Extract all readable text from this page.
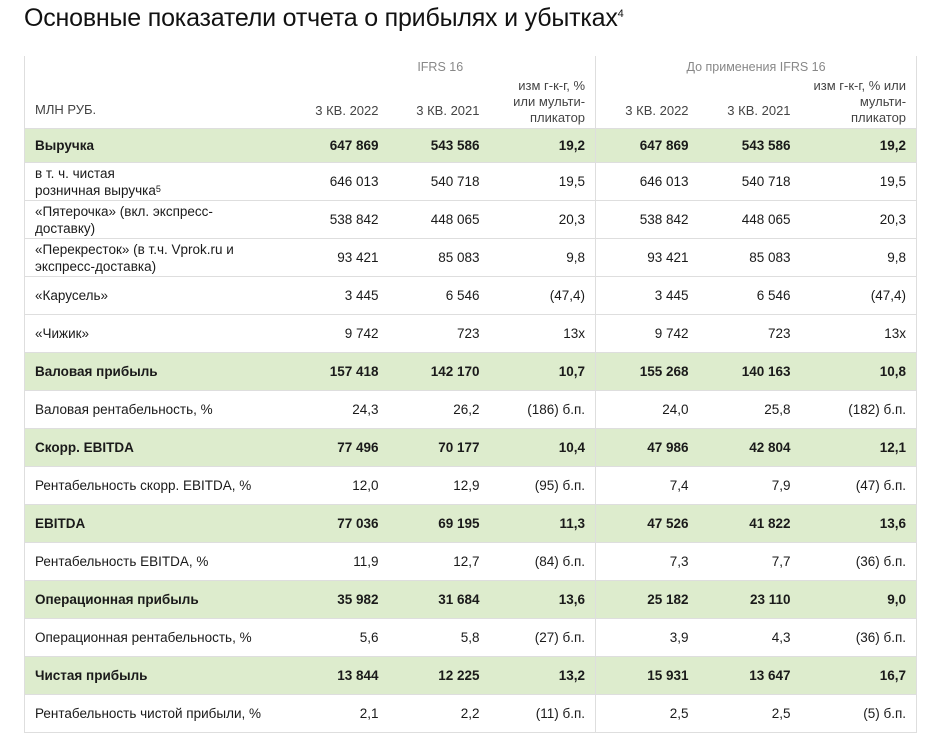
Основные показатели отчета о прибылях и убытках$^4$
	IFRS 16			До применения IFRS 16		
МЛН РУБ.	3 КВ. 2022	3 КВ. 2021	изм г-к-г, % или мульти-пликатор	3 КВ. 2022	3 КВ. 2021	изм г-к-г, % или мульти-пликатор
Выручка	647 869	543 586	19,2	647 869	543 586	19,2
в т. ч. чистая розничная выручка$^5$	646 013	540 718	19,5	646 013	540 718	19,5
«Пятерочка» (вкл. экспресс-доставку)	538 842	448 065	20,3	538 842	448 065	20,3
«Перекресток» (в т.ч. Vprok.ru и экспресс-доставка)	93 421	85 083	9,8	93 421	85 083	9,8
«Карусель»	3 445	6 546	(47,4)	3 445	6 546	(47,4)
«Чижик»	9 742	723	13x	9 742	723	13x
Валовая прибыль	157 418	142 170	10,7	155 268	140 163	10,8
Валовая рентабельность, %	24,3	26,2	(186) б.п.	24,0	25,8	(182) б.п.
Скорр. EBITDA	77 496	70 177	10,4	47 986	42 804	12,1
Рентабельность скорр. EBITDA, %	12,0	12,9	(95) б.п.	7,4	7,9	(47) б.п.
EBITDA	77 036	69 195	11,3	47 526	41 822	13,6
Рентабельность EBITDA, %	11,9	12,7	(84) б.п.	7,3	7,7	(36) б.п.
Операционная прибыль	35 982	31 684	13,6	25 182	23 110	9,0
Операционная рентабельность, %	5,6	5,8	(27) б.п.	3,9	4,3	(36) б.п.
Чистая прибыль	13 844	12 225	13,2	15 931	13 647	16,7
Рентабельность чистой прибыли, %	2,1	2,2	(11) б.п.	2,5	2,5	(5) б.п.
